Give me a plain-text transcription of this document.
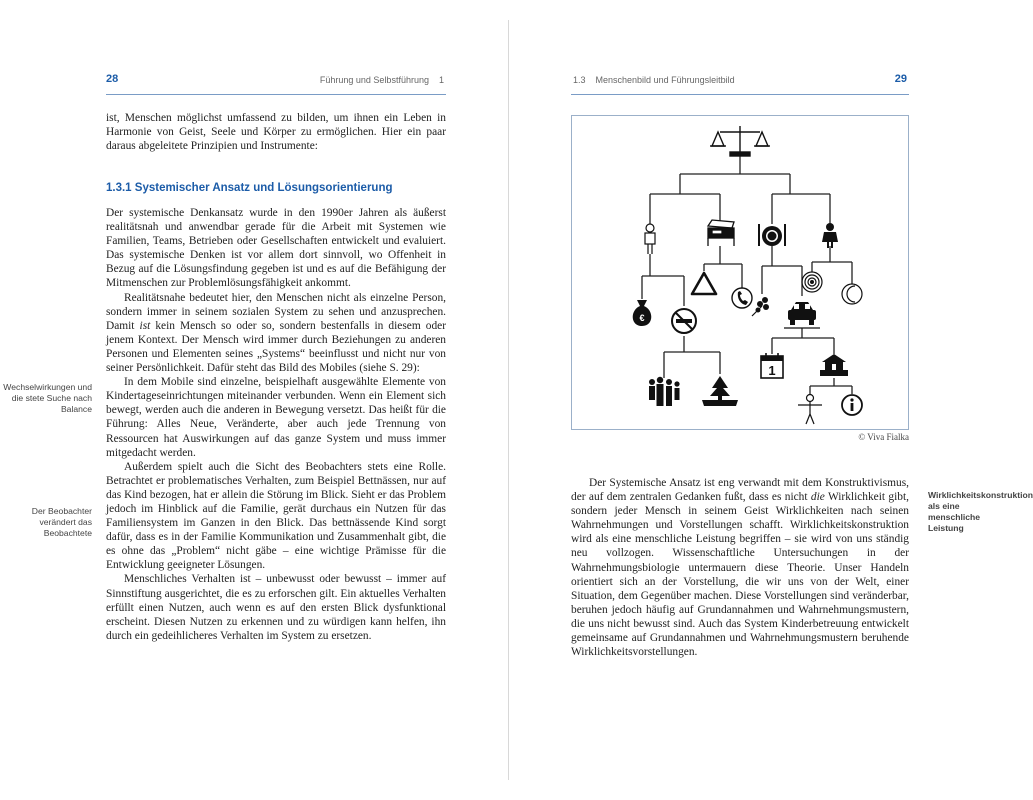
28	Führung und Selbstführung 1

ist, Menschen möglichst umfassend zu bilden, um ihnen ein Leben in Harmonie von Geist, Seele und Körper zu ermöglichen. Hier ein paar daraus abgeleitete Prinzipien und Instrumente:

1.3.1 Systemischer Ansatz und Lösungsorientierung

Der systemische Denkansatz wurde in den 1990er Jahren als äußerst realitätsnah und anwendbar gerade für die Arbeit mit Systemen wie Familien, Teams, Betrieben oder Gesellschaften entwickelt und evaluiert. Das systemische Denken ist vor allem dort sinnvoll, wo Offenheit in Bezug auf die Lösungsfindung gegeben ist und es auf die Befähigung der Mitmenschen zur Problemlösungsfähigkeit ankommt.

Realitätsnahe bedeutet hier, den Menschen nicht als einzelne Person, sondern immer in seinem sozialen System zu sehen und anzusprechen. Damit ist kein Mensch so oder so, sondern bestenfalls in diesem oder jenem Kontext. Der Mensch wird immer durch Beziehungen zu anderen Personen und Elementen seines „Systems“ beeinflusst und nicht nur von seiner Persönlichkeit. Dafür steht das Bild des Mobiles (siehe S. 29):

In dem Mobile sind einzelne, beispielhaft ausgewählte Elemente von Kindertageseinrichtungen miteinander verbunden. Wenn ein Element sich bewegt, werden auch die anderen in Bewegung versetzt. Das heißt für die Führung: Alles Neue, Veränderte, aber auch jede Trennung von Ressourcen hat Auswirkungen auf das ganze System und muss immer mitgedacht werden.

Außerdem spielt auch die Sicht des Beobachters stets eine Rolle. Betrachtet er problematisches Verhalten, zum Beispiel Bettnässen, nur auf das Kind bezogen, hat er allein die Störung im Blick. Sieht er das Problem jedoch im Hinblick auf die Familie, gerät durchaus ein Nutzen für das Familiensystem im Ganzen in den Blick. Das bettnässende Kind sorgt dafür, dass es in der Familie Kommunikation und Zusammenhalt gibt, die es ohne das „Problem“ nicht gäbe – eine wichtige Prämisse für die Entwicklung geeigneter Lösungen.

Menschliches Verhalten ist – unbewusst oder bewusst – immer auf Sinnstiftung ausgerichtet, die es zu erforschen gilt. Ein aktuelles Verhalten erfüllt einen Nutzen, auch wenn es auf den ersten Blick dysfunktional erscheint. Diesen Nutzen zu erkennen und zu würdigen kann helfen, ihn durch ein gedeihlicheres Verhalten im System zu ersetzen.

Wechselwirkungen und die stete Suche nach Balance
Der Beobachter verändert das Beobachtete
1.3 Menschenbild und Führungsleitbild	29
€
1
© Viva Fialka

Der Systemische Ansatz ist eng verwandt mit dem Konstruktivismus, der auf dem zentralen Gedanken fußt, dass es nicht die Wirklichkeit gibt, sondern jeder Mensch in seinem Geist Wirklichkeiten nach seinen Wahrnehmungen und Vorstellungen schafft. Wirklichkeitskonstruktion wird als eine menschliche Leistung begriffen – sie wird von uns ständig neu vollzogen. Wissenschaftliche Untersuchungen in der Wahrnehmungsbiologie untermauern diese Theorie. Unser Handeln orientiert sich an der Vorstellung, die wir uns von der Welt, einer Situation, dem Gegenüber machen. Diese Vorstellungen sind veränderbar, beruhen jedoch häufig auf Grundannahmen und Wahrnehmungsmustern, die uns nicht bewusst sind. Auch das System Kinderbetreuung entwickelt gemeinsame auf Grundannahmen und Wahrnehmungsmustern beruhende Wirklichkeitsvorstellungen.

Wirklichkeitskonstruktion als eine menschliche Leistung
